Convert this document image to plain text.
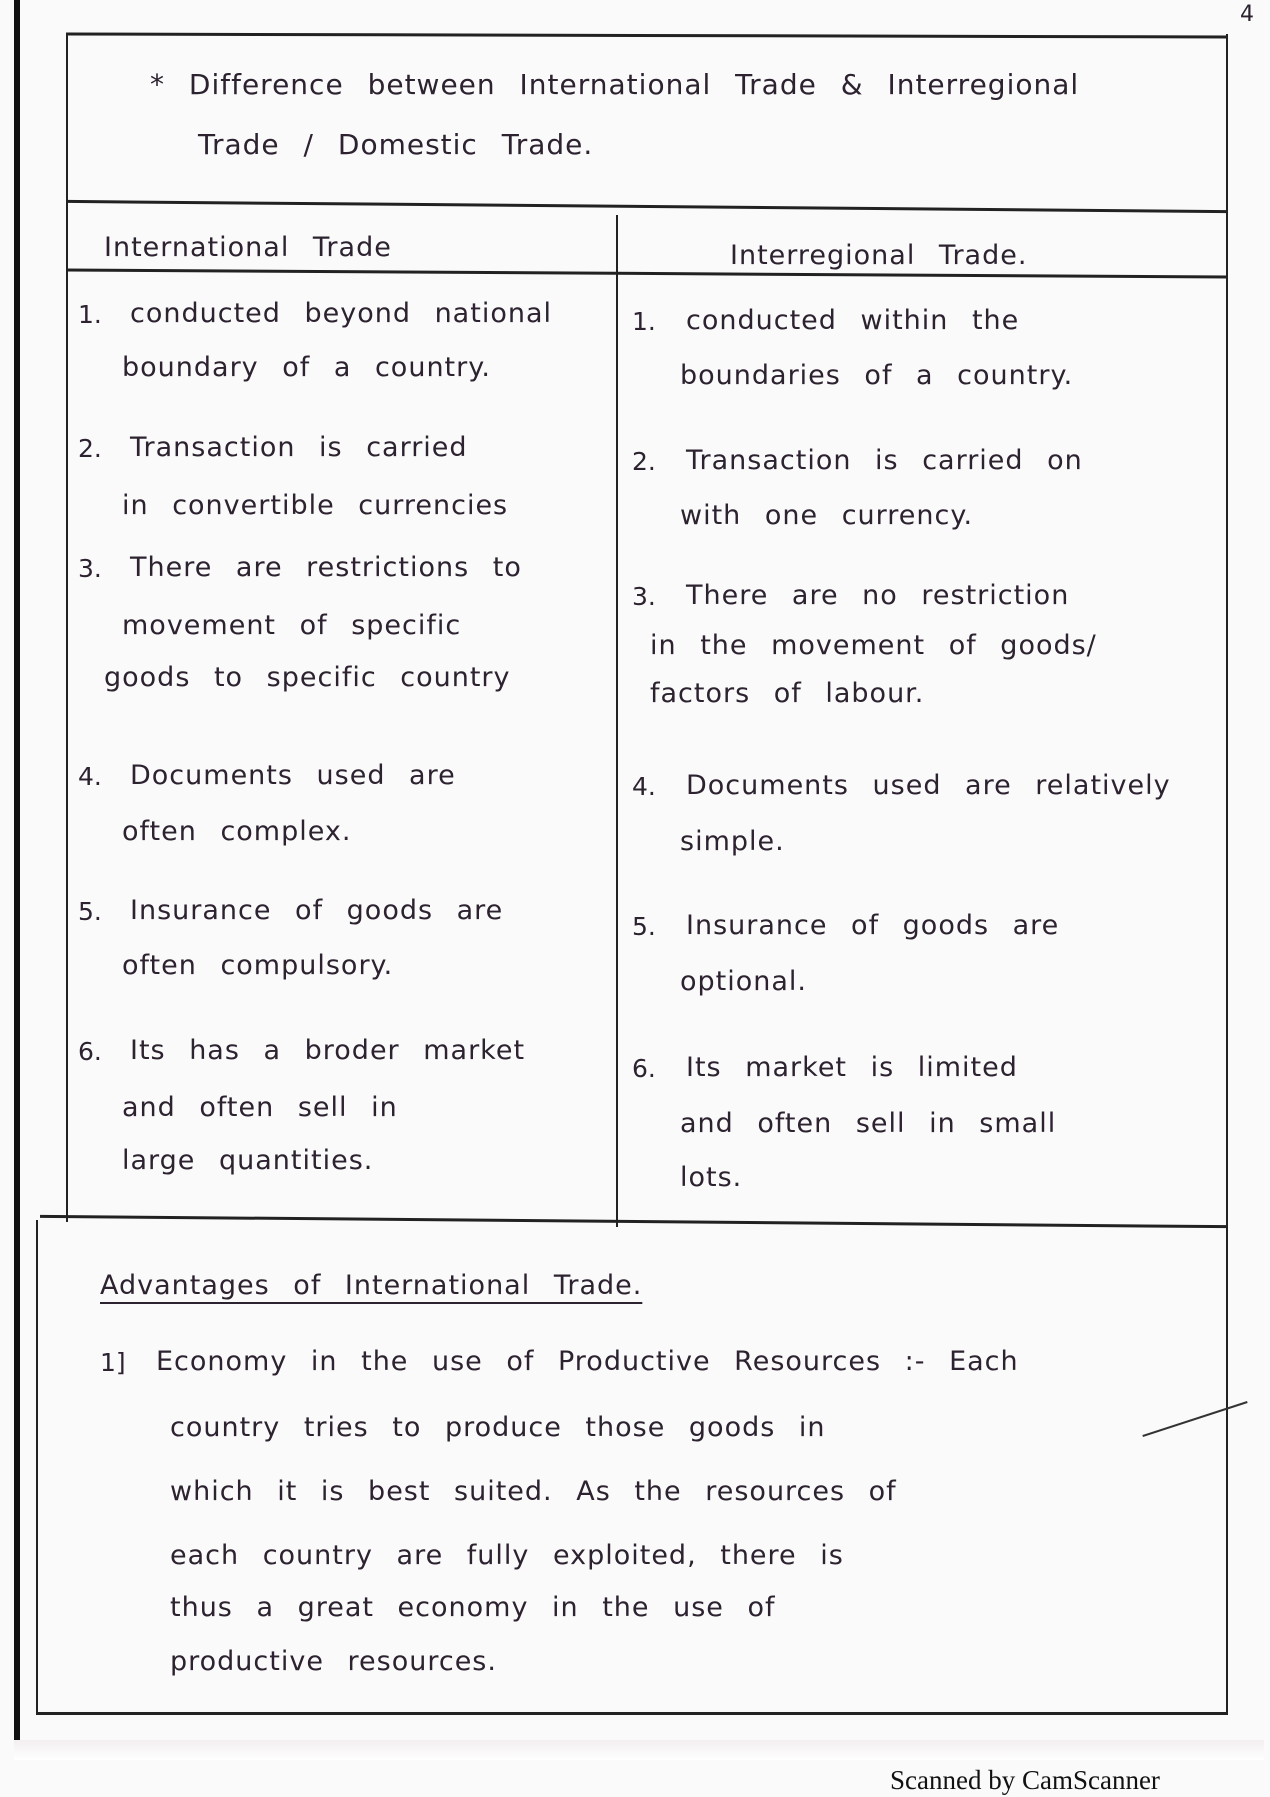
4
* Difference between International Trade & Interregional
Trade / Domestic Trade.
International Trade	Interregional Trade.
1. conducted beyond national
boundary of a country.
1. conducted within the
boundaries of a country.
2. Transaction is carried
in convertible currencies
2. Transaction is carried on
with one currency.
3. There are restrictions to
movement of specific
goods to specific country
3. There are no restriction
in the movement of goods/
factors of labour.
4. Documents used are
often complex.
4. Documents used are relatively
simple.
5. Insurance of goods are
often compulsory.
5. Insurance of goods are
optional.
6. Its has a broder market
and often sell in
large quantities.
6. Its market is limited
and often sell in small
lots.
Advantages of International Trade.
1] Economy in the use of Productive Resources :- Each
country tries to produce those goods in
which it is best suited. As the resources of
each country are fully exploited, there is
thus a great economy in the use of
productive resources.
Scanned by CamScanner
